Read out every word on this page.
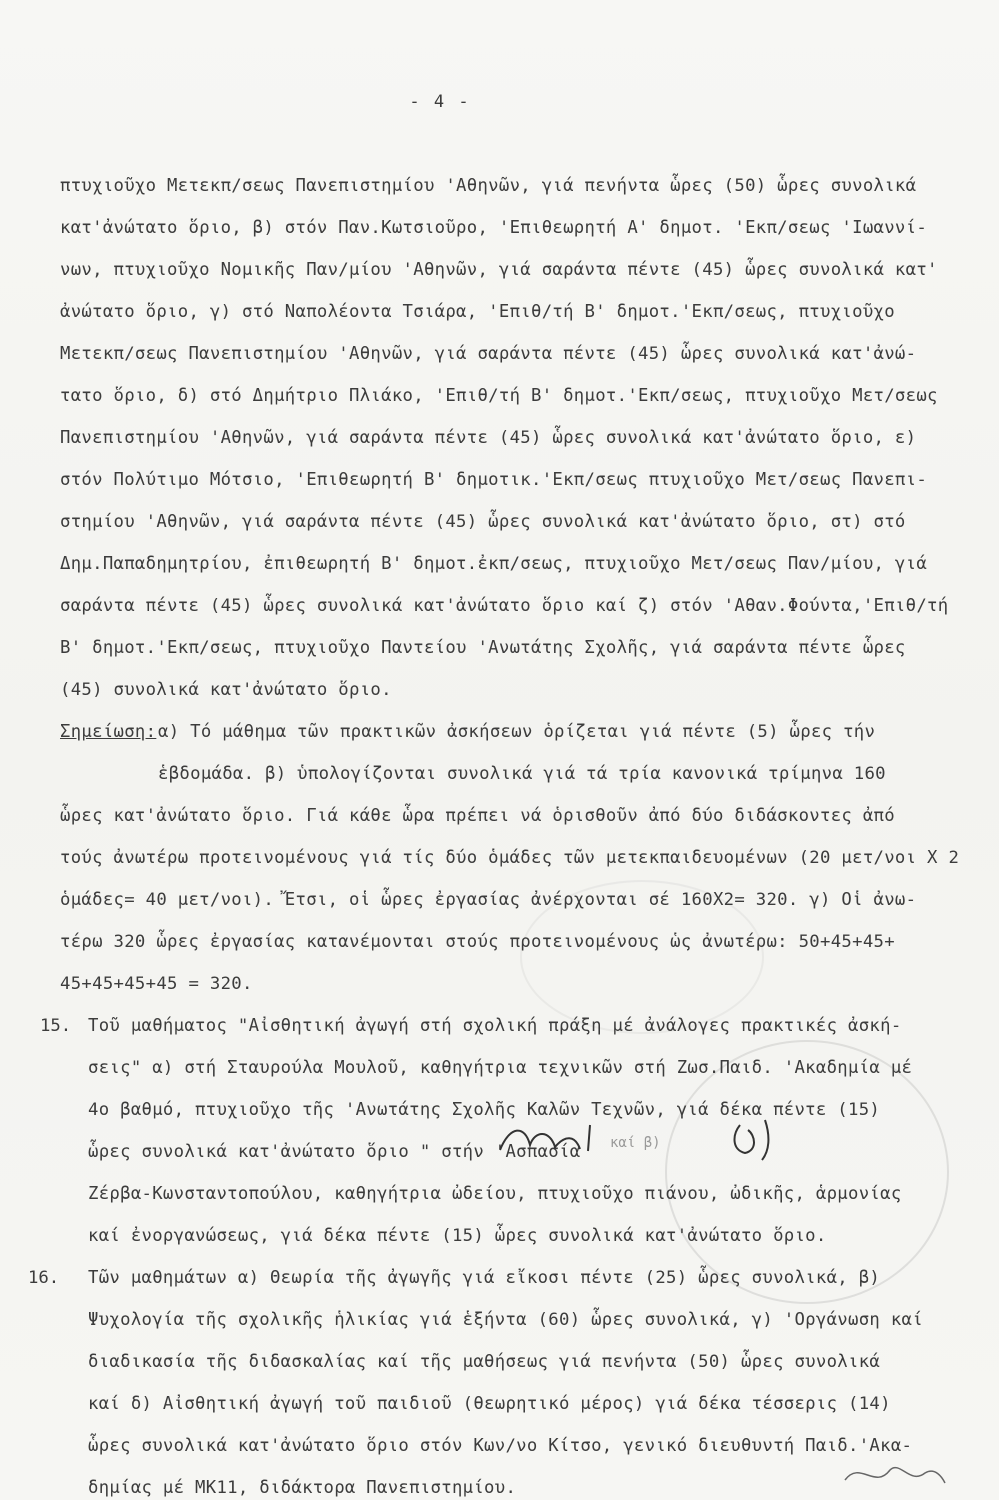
- 4 -
πτυχιοῦχο Μετεκπ/σεως Πανεπιστημίου 'Αθηνῶν, γιά πενήντα ὧρες (50) ὧρες συνολικά
κατ'ἀνώτατο ὅριο, β) στόν Παν.Κωτσιοῦρο, 'Επιθεωρητή Α' δημοτ. 'Εκπ/σεως 'Ιωαννί-
νων, πτυχιοῦχο Νομικῆς Παν/μίου 'Αθηνῶν, γιά σαράντα πέντε (45) ὧρες συνολικά κατ'
ἀνώτατο ὅριο, γ) στό Ναπολέοντα Τσιάρα, 'Επιθ/τή Β' δημοτ.'Εκπ/σεως, πτυχιοῦχο
Μετεκπ/σεως Πανεπιστημίου 'Αθηνῶν, γιά σαράντα πέντε (45) ὧρες συνολικά κατ'ἀνώ-
τατο ὅριο, δ) στό Δημήτριο Πλιάκο, 'Επιθ/τή Β' δημοτ.'Εκπ/σεως, πτυχιοῦχο Μετ/σεως
Πανεπιστημίου 'Αθηνῶν, γιά σαράντα πέντε (45) ὧρες συνολικά κατ'ἀνώτατο ὅριο, ε)
στόν Πολύτιμο Μότσιο, 'Επιθεωρητή Β' δημοτικ.'Εκπ/σεως πτυχιοῦχο Μετ/σεως Πανεπι-
στημίου 'Αθηνῶν, γιά σαράντα πέντε (45) ὧρες συνολικά κατ'ἀνώτατο ὅριο, στ) στό
Δημ.Παπαδημητρίου, ἐπιθεωρητή Β' δημοτ.ἐκπ/σεως, πτυχιοῦχο Μετ/σεως Παν/μίου, γιά
σαράντα πέντε (45) ὧρες συνολικά κατ'ἀνώτατο ὅριο καί ζ) στόν 'Αθαν.Φούντα,'Επιθ/τή
Β' δημοτ.'Εκπ/σεως, πτυχιοῦχο Παντείου 'Ανωτάτης Σχολῆς, γιά σαράντα πέντε ὧρες
(45) συνολικά κατ'ἀνώτατο ὅριο.
Σημείωση: α) Τό μάθημα τῶν πρακτικῶν ἀσκήσεων ὁρίζεται γιά πέντε (5) ὧρες τήν
ἑβδομάδα. β) ὑπολογίζονται συνολικά γιά τά τρία κανονικά τρίμηνα 160
ὧρες κατ'ἀνώτατο ὅριο. Γιά κάθε ὧρα πρέπει νά ὁρισθοῦν ἀπό δύο διδάσκοντες ἀπό
τούς ἀνωτέρω προτεινομένους γιά τίς δύο ὁμάδες τῶν μετεκπαιδευομένων (20 μετ/νοι Χ 2
ὁμάδες= 40 μετ/νοι). Ἔτσι, οἱ ὧρες ἐργασίας ἀνέρχονται σέ 160Χ2= 320. γ) Οἱ ἀνω-
τέρω 320 ὧρες ἐργασίας κατανέμονται στούς προτεινομένους ὡς ἀνωτέρω: 50+45+45+
45+45+45+45 = 320.
15. Τοῦ μαθήματος "Αἰσθητική ἀγωγή στή σχολική πράξη μέ ἀνάλογες πρακτικές ἀσκή-
σεις" α) στή Σταυρούλα Μουλοῦ, καθηγήτρια τεχνικῶν στή Ζωσ.Παιδ. 'Ακαδημία μέ
4ο βαθμό, πτυχιοῦχο τῆς 'Ανωτάτης Σχολῆς Καλῶν Τεχνῶν, γιά δέκα πέντε (15)
ὧρες συνολικά κατ'ἀνώτατο ὅριο " στήν 'Ασπασία
Ζέρβα-Κωνσταντοπούλου, καθηγήτρια ὠδείου, πτυχιοῦχο πιάνου, ὠδικῆς, ἁρμονίας
καί ἐνοργανώσεως, γιά δέκα πέντε (15) ὧρες συνολικά κατ'ἀνώτατο ὅριο.
καί β)
16. Τῶν μαθημάτων α) Θεωρία τῆς ἀγωγῆς γιά εἴκοσι πέντε (25) ὧρες συνολικά, β)
Ψυχολογία τῆς σχολικῆς ἡλικίας γιά ἑξήντα (60) ὧρες συνολικά, γ) 'Οργάνωση καί
διαδικασία τῆς διδασκαλίας καί τῆς μαθήσεως γιά πενήντα (50) ὧρες συνολικά
καί δ) Αἰσθητική ἀγωγή τοῦ παιδιοῦ (θεωρητικό μέρος) γιά δέκα τέσσερις (14)
ὧρες συνολικά κατ'ἀνώτατο ὅριο στόν Κων/νο Κίτσο, γενικό διευθυντή Παιδ.'Ακα-
δημίας μέ ΜΚ11, διδάκτορα Πανεπιστημίου.
